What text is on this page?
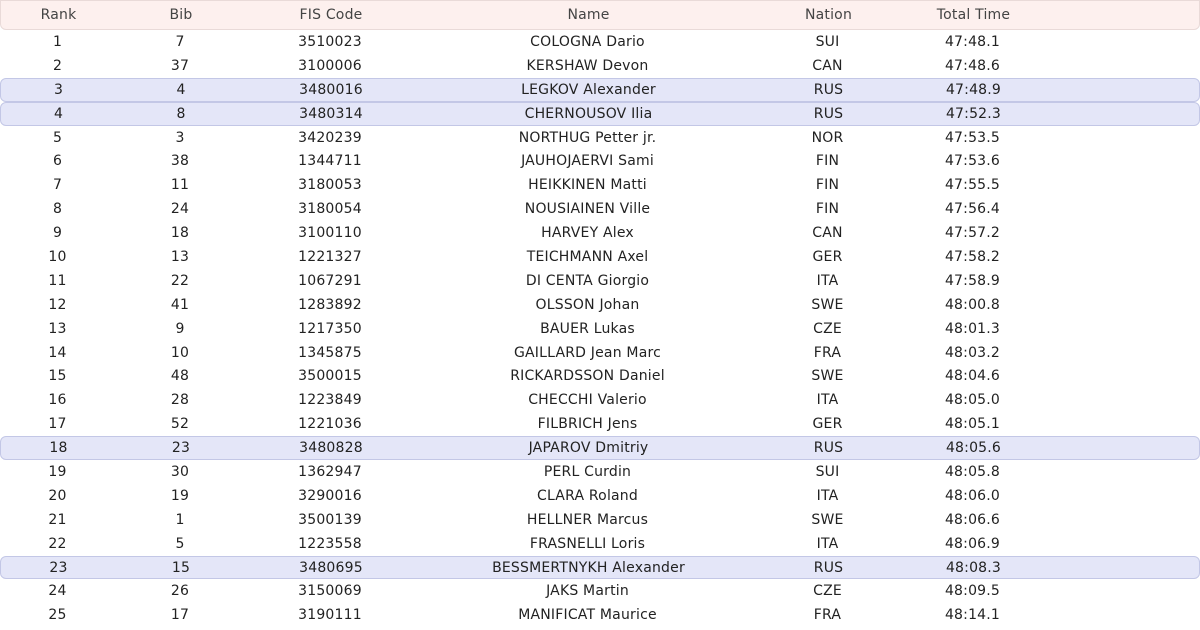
Rank	Bib	FIS Code	Name	Nation	Total Time
1	7	3510023	COLOGNA Dario	SUI	47:48.1
2	37	3100006	KERSHAW Devon	CAN	47:48.6
3	4	3480016	LEGKOV Alexander	RUS	47:48.9
4	8	3480314	CHERNOUSOV Ilia	RUS	47:52.3
5	3	3420239	NORTHUG Petter jr.	NOR	47:53.5
6	38	1344711	JAUHOJAERVI Sami	FIN	47:53.6
7	11	3180053	HEIKKINEN Matti	FIN	47:55.5
8	24	3180054	NOUSIAINEN Ville	FIN	47:56.4
9	18	3100110	HARVEY Alex	CAN	47:57.2
10	13	1221327	TEICHMANN Axel	GER	47:58.2
11	22	1067291	DI CENTA Giorgio	ITA	47:58.9
12	41	1283892	OLSSON Johan	SWE	48:00.8
13	9	1217350	BAUER Lukas	CZE	48:01.3
14	10	1345875	GAILLARD Jean Marc	FRA	48:03.2
15	48	3500015	RICKARDSSON Daniel	SWE	48:04.6
16	28	1223849	CHECCHI Valerio	ITA	48:05.0
17	52	1221036	FILBRICH Jens	GER	48:05.1
18	23	3480828	JAPAROV Dmitriy	RUS	48:05.6
19	30	1362947	PERL Curdin	SUI	48:05.8
20	19	3290016	CLARA Roland	ITA	48:06.0
21	1	3500139	HELLNER Marcus	SWE	48:06.6
22	5	1223558	FRASNELLI Loris	ITA	48:06.9
23	15	3480695	BESSMERTNYKH Alexander	RUS	48:08.3
24	26	3150069	JAKS Martin	CZE	48:09.5
25	17	3190111	MANIFICAT Maurice	FRA	48:14.1
